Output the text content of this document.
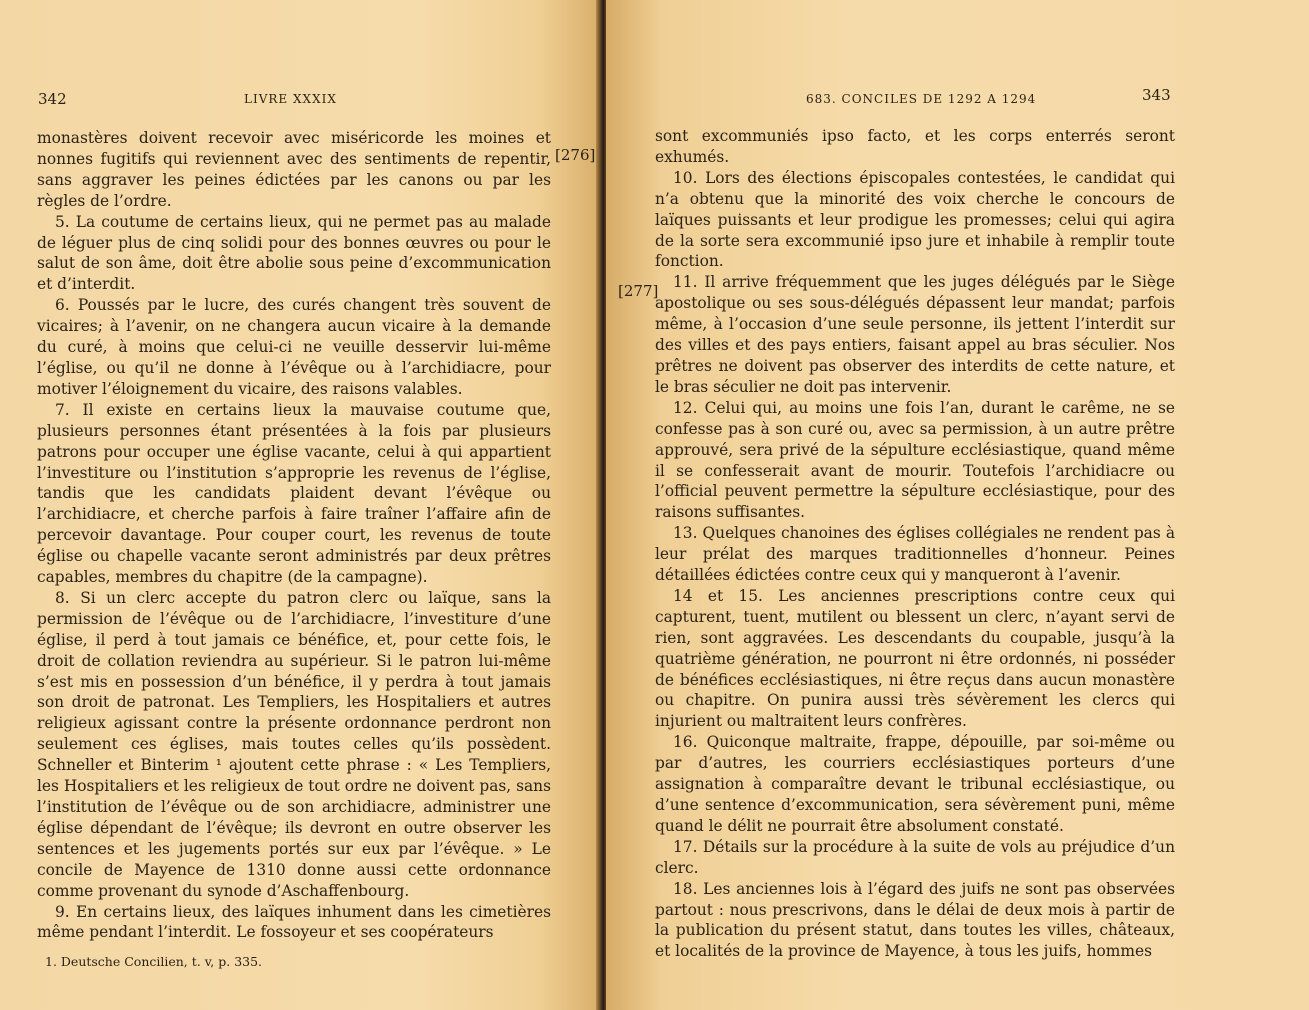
342	LIVRE XXXIX

monastères doivent recevoir avec miséricorde les moines et nonnes fugitifs qui reviennent avec des sentiments de repentir, sans aggraver les peines édictées par les canons ou par les règles de l’ordre.

5. La coutume de certains lieux, qui ne permet pas au malade de léguer plus de cinq solidi pour des bonnes œuvres ou pour le salut de son âme, doit être abolie sous peine d’excommunication et d’interdit.

6. Poussés par le lucre, des curés changent très souvent de vicaires; à l’avenir, on ne changera aucun vicaire à la demande du curé, à moins que celui-ci ne veuille desservir lui-même l’église, ou qu’il ne donne à l’évêque ou à l’archidiacre, pour motiver l’éloignement du vicaire, des raisons valables.

7. Il existe en certains lieux la mauvaise coutume que, plusieurs personnes étant présentées à la fois par plusieurs patrons pour occuper une église vacante, celui à qui appartient l’investiture ou l’institution s’approprie les revenus de l’église, tandis que les candidats plaident devant l’évêque ou l’archidiacre, et cherche parfois à faire traîner l’affaire afin de percevoir davantage. Pour couper court, les revenus de toute église ou chapelle vacante seront administrés par deux prêtres capables, membres du chapitre (de la campagne).

8. Si un clerc accepte du patron clerc ou laïque, sans la permission de l’évêque ou de l’archidiacre, l’investiture d’une église, il perd à tout jamais ce bénéfice, et, pour cette fois, le droit de collation reviendra au supérieur. Si le patron lui-même s’est mis en possession d’un bénéfice, il y perdra à tout jamais son droit de patronat. Les Templiers, les Hospitaliers et autres religieux agissant contre la présente ordonnance perdront non seulement ces églises, mais toutes celles qu’ils possèdent. Schneller et Binterim ¹ ajoutent cette phrase : « Les Templiers, les Hospitaliers et les religieux de tout ordre ne doivent pas, sans l’institution de l’évêque ou de son archidiacre, administrer une église dépendant de l’évêque; ils devront en outre observer les sentences et les jugements portés sur eux par l’évêque. » Le concile de Mayence de 1310 donne aussi cette ordonnance comme provenant du synode d’Aschaffenbourg.

9. En certains lieux, des laïques inhument dans les cimetières même pendant l’interdit. Le fossoyeur et ses coopérateurs

[276]
1. Deutsche Concilien, t. v, p. 335.
683. CONCILES DE 1292 A 1294	343
[277]

sont excommuniés ipso facto, et les corps enterrés seront exhumés.

10. Lors des élections épiscopales contestées, le candidat qui n’a obtenu que la minorité des voix cherche le concours de laïques puissants et leur prodigue les promesses; celui qui agira de la sorte sera excommunié ipso jure et inhabile à remplir toute fonction.

11. Il arrive fréquemment que les juges délégués par le Siège apostolique ou ses sous-délégués dépassent leur mandat; parfois même, à l’occasion d’une seule personne, ils jettent l’interdit sur des villes et des pays entiers, faisant appel au bras séculier. Nos prêtres ne doivent pas observer des interdits de cette nature, et le bras séculier ne doit pas intervenir.

12. Celui qui, au moins une fois l’an, durant le carême, ne se confesse pas à son curé ou, avec sa permission, à un autre prêtre approuvé, sera privé de la sépulture ecclésiastique, quand même il se confesserait avant de mourir. Toutefois l’archidiacre ou l’official peuvent permettre la sépulture ecclésiastique, pour des raisons suffisantes.

13. Quelques chanoines des églises collégiales ne rendent pas à leur prélat des marques traditionnelles d’honneur. Peines détaillées édictées contre ceux qui y manqueront à l’avenir.

14 et 15. Les anciennes prescriptions contre ceux qui capturent, tuent, mutilent ou blessent un clerc, n’ayant servi de rien, sont aggravées. Les descendants du coupable, jusqu’à la quatrième génération, ne pourront ni être ordonnés, ni posséder de bénéfices ecclésiastiques, ni être reçus dans aucun monastère ou chapitre. On punira aussi très sévèrement les clercs qui injurient ou maltraitent leurs confrères.

16. Quiconque maltraite, frappe, dépouille, par soi-même ou par d’autres, les courriers ecclésiastiques porteurs d’une assignation à comparaître devant le tribunal ecclésiastique, ou d’une sentence d’excommunication, sera sévèrement puni, même quand le délit ne pourrait être absolument constaté.

17. Détails sur la procédure à la suite de vols au préjudice d’un clerc.

18. Les anciennes lois à l’égard des juifs ne sont pas observées partout : nous prescrivons, dans le délai de deux mois à partir de la publication du présent statut, dans toutes les villes, châteaux, et localités de la province de Mayence, à tous les juifs, hommes
